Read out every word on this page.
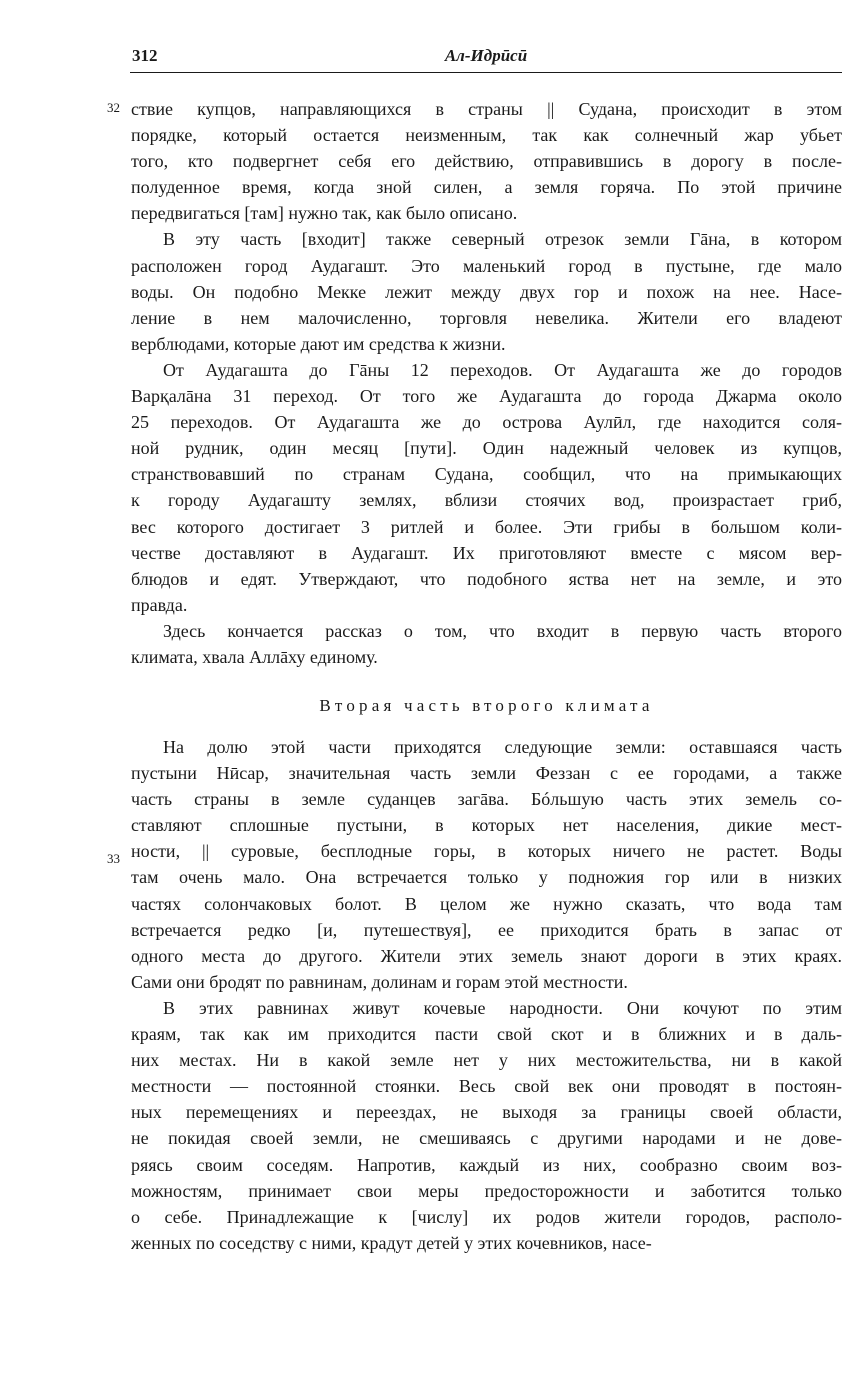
312	Ал-Идрӣсӣ
32
33
ствие купцов, направляющихся в страны || Судана, происходит в этом
порядке, который остается неизменным, так как солнечный жар убьет
того, кто подвергнет себя его действию, отправившись в дорогу в после-
полуденное время, когда зной силен, а земля горяча. По этой причине
передвигаться [там] нужно так, как было описано.
В эту часть [входит] также северный отрезок земли Гāна, в котором
расположен город Аудагашт. Это маленький город в пустыне, где мало
воды. Он подобно Мекке лежит между двух гор и похож на нее. Насе-
ление в нем малочисленно, торговля невелика. Жители его владеют
верблюдами, которые дают им средства к жизни.
От Аудагашта до Гāны 12 переходов. От Аудагашта же до городов
Варқалāна 31 переход. От того же Аудагашта до города Джарма около
25 переходов. От Аудагашта же до острова Аулӣл, где находится соля-
ной рудник, один месяц [пути]. Один надежный человек из купцов,
странствовавший по странам Судана, сообщил, что на примыкающих
к городу Аудагашту землях, вблизи стоячих вод, произрастает гриб,
вес которого достигает 3 ритлей и более. Эти грибы в большом коли-
честве доставляют в Аудагашт. Их приготовляют вместе с мясом вер-
блюдов и едят. Утверждают, что подобного яства нет на земле, и это
правда.
Здесь кончается рассказ о том, что входит в первую часть второго
климата, хвала Аллāху единому.
Вторая часть второго климата
На долю этой части приходятся следующие земли: оставшаяся часть
пустыни Нӣсар, значительная часть земли Феззан с ее городами, а также
часть страны в земле суданцев загāва. Бóльшую часть этих земель со-
ставляют сплошные пустыни, в которых нет населения, дикие мест-
ности, || суровые, бесплодные горы, в которых ничего не растет. Воды
там очень мало. Она встречается только у подножия гор или в низких
частях солончаковых болот. В целом же нужно сказать, что вода там
встречается редко [и, путешествуя], ее приходится брать в запас от
одного места до другого. Жители этих земель знают дороги в этих краях.
Сами они бродят по равнинам, долинам и горам этой местности.
В этих равнинах живут кочевые народности. Они кочуют по этим
краям, так как им приходится пасти свой скот и в ближних и в даль-
них местах. Ни в какой земле нет у них местожительства, ни в какой
местности — постоянной стоянки. Весь свой век они проводят в постоян-
ных перемещениях и переездах, не выходя за границы своей области,
не покидая своей земли, не смешиваясь с другими народами и не дове-
ряясь своим соседям. Напротив, каждый из них, сообразно своим воз-
можностям, принимает свои меры предосторожности и заботится только
о себе. Принадлежащие к [числу] их родов жители городов, располо-
женных по соседству с ними, крадут детей у этих кочевников, насе-
